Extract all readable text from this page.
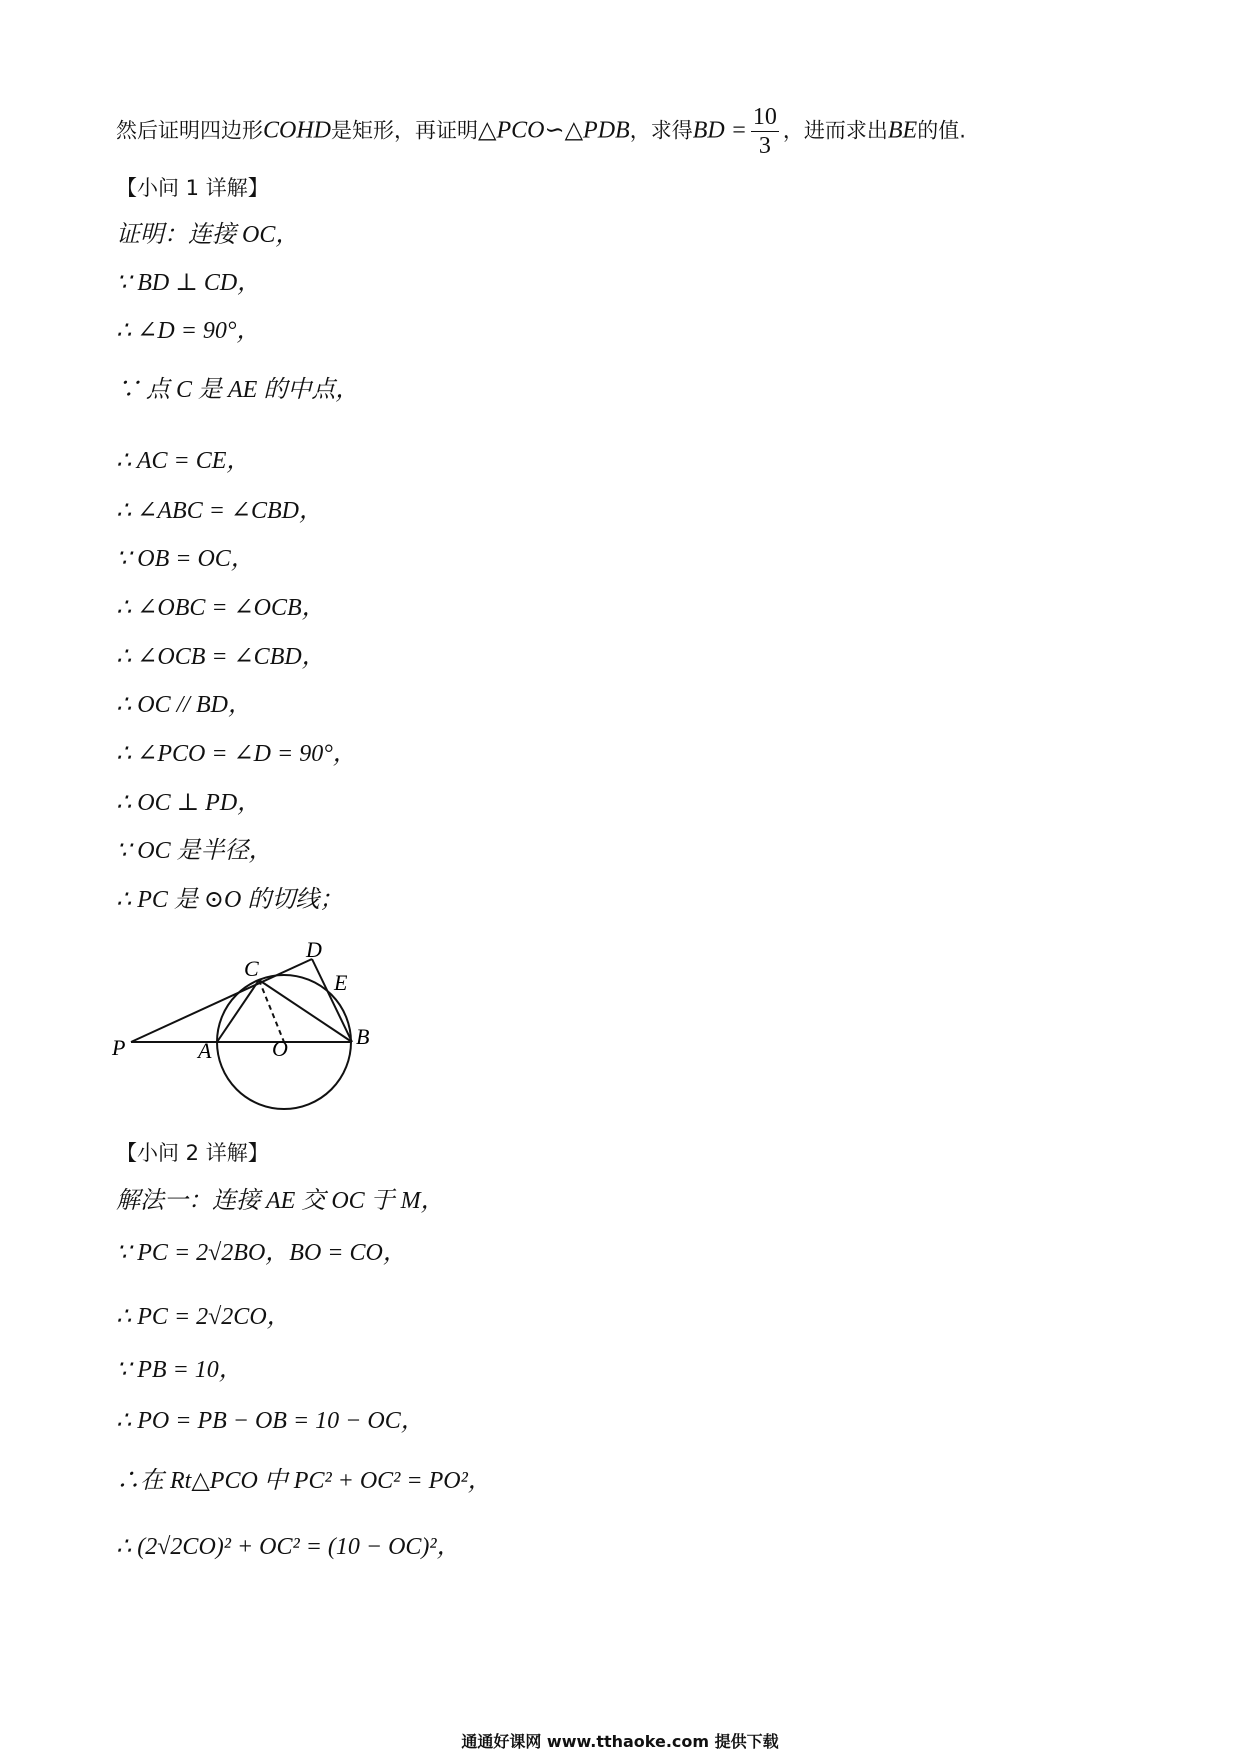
然后证明四边形COHD是矩形，再证明△PCO∽△PDB，求得BD = $\frac{10}{3}$ ，进而求出BE的值.
【小问 1 详解】
证明：连接 OC，
∵ BD ⊥ CD，
∴ ∠D = 90°，
∵ 点 C 是 AE 的中点，
∴ AC = CE，
∴ ∠ABC = ∠CBD，
∵ OB = OC，
∴ ∠OBC = ∠OCB，
∴ ∠OCB = ∠CBD，
∴ OC // BD，
∴ ∠PCO = ∠D = 90°，
∴ OC ⊥ PD，
∵ OC 是半径，
∴ PC 是 ⊙O 的切线；
P	A	O	B
C
D
E
【小问 2 详解】
解法一：连接 AE 交 OC 于 M，
∵ PC = 2√2BO，BO = CO，
∴ PC = 2√2CO，
∵ PB = 10，
∴ PO = PB − OB = 10 − OC，
∴在 Rt△PCO 中 PC² + OC² = PO²，
∴ (2√2CO)² + OC² = (10 − OC)²，
通通好课网 www.tthaoke.com 提供下载
